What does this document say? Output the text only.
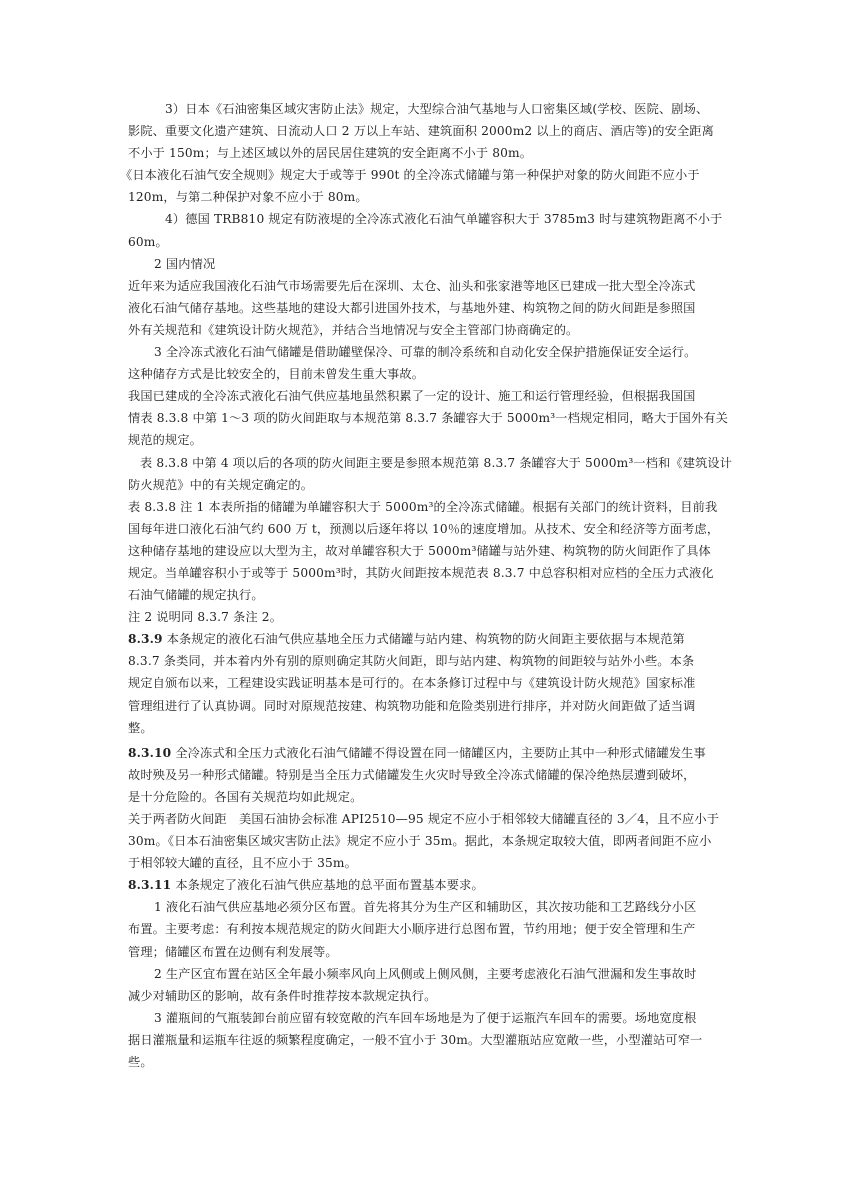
3）日本《石油密集区域灾害防止法》规定，大型综合油气基地与人口密集区域(学校、医院、剧场、

影院、重要文化遗产建筑、日流动人口 2 万以上车站、建筑面积 2000m2 以上的商店、酒店等)的安全距离

不小于 150m；与上述区域以外的居民居住建筑的安全距离不小于 80m。

《日本液化石油气安全规则》规定大于或等于 990t 的全冷冻式储罐与第一种保护对象的防火间距不应小于

120m，与第二种保护对象不应小于 80m。

4）德国 TRB810 规定有防液堤的全冷冻式液化石油气单罐容积大于 3785m3 时与建筑物距离不小于

60m。

2 国内情况

近年来为适应我国液化石油气市场需要先后在深圳、太仓、汕头和张家港等地区已建成一批大型全冷冻式

液化石油气储存基地。这些基地的建设大都引进国外技术，与基地外建、构筑物之间的防火间距是参照国

外有关规范和《建筑设计防火规范》，并结合当地情况与安全主管部门协商确定的。

3 全冷冻式液化石油气储罐是借助罐壁保冷、可靠的制冷系统和自动化安全保护措施保证安全运行。

这种储存方式是比较安全的，目前未曾发生重大事故。

我国已建成的全冷冻式液化石油气供应基地虽然积累了一定的设计、施工和运行管理经验，但根据我国国

情表 8.3.8 中第 1～3 项的防火间距取与本规范第 8.3.7 条罐容大于 5000m³一档规定相同，略大于国外有关

规范的规定。

表 8.3.8 中第 4 项以后的各项的防火间距主要是参照本规范第 8.3.7 条罐容大于 5000m³一档和《建筑设计

防火规范》中的有关规定确定的。

表 8.3.8 注 1 本表所指的储罐为单罐容积大于 5000m³的全冷冻式储罐。根据有关部门的统计资料，目前我

国每年进口液化石油气约 600 万 t，预测以后逐年将以 10％的速度增加。从技术、安全和经济等方面考虑，

这种储存基地的建设应以大型为主，故对单罐容积大于 5000m³储罐与站外建、构筑物的防火间距作了具体

规定。当单罐容积小于或等于 5000m³时，其防火间距按本规范表 8.3.7 中总容积相对应档的全压力式液化

石油气储罐的规定执行。

注 2 说明同 8.3.7 条注 2。

8.3.9 本条规定的液化石油气供应基地全压力式储罐与站内建、构筑物的防火间距主要依据与本规范第

8.3.7 条类同，并本着内外有别的原则确定其防火间距，即与站内建、构筑物的间距较与站外小些。本条

规定自颁布以来，工程建设实践证明基本是可行的。在本条修订过程中与《建筑设计防火规范》国家标准

管理组进行了认真协调。同时对原规范按建、构筑物功能和危险类别进行排序，并对防火间距做了适当调

整。

8.3.10 全冷冻式和全压力式液化石油气储罐不得设置在同一储罐区内，主要防止其中一种形式储罐发生事

故时殃及另一种形式储罐。特别是当全压力式储罐发生火灾时导致全冷冻式储罐的保冷绝热层遭到破坏，

是十分危险的。各国有关规范均如此规定。

关于两者防火间距　美国石油协会标准 API2510—95 规定不应小于相邻较大储罐直径的 3／4，且不应小于

30m。《日本石油密集区域灾害防止法》规定不应小于 35m。据此，本条规定取较大值，即两者间距不应小

于相邻较大罐的直径，且不应小于 35m。

8.3.11 本条规定了液化石油气供应基地的总平面布置基本要求。

1 液化石油气供应基地必须分区布置。首先将其分为生产区和辅助区，其次按功能和工艺路线分小区

布置。主要考虑：有利按本规范规定的防火间距大小顺序进行总图布置，节约用地；便于安全管理和生产

管理；储罐区布置在边侧有利发展等。

2 生产区宜布置在站区全年最小频率风向上风侧或上侧风侧，主要考虑液化石油气泄漏和发生事故时

减少对辅助区的影响，故有条件时推荐按本款规定执行。

3 灌瓶间的气瓶装卸台前应留有较宽敞的汽车回车场地是为了便于运瓶汽车回车的需要。场地宽度根

据日灌瓶量和运瓶车往返的频繁程度确定，一般不宜小于 30m。大型灌瓶站应宽敞一些，小型灌站可窄一

些。
